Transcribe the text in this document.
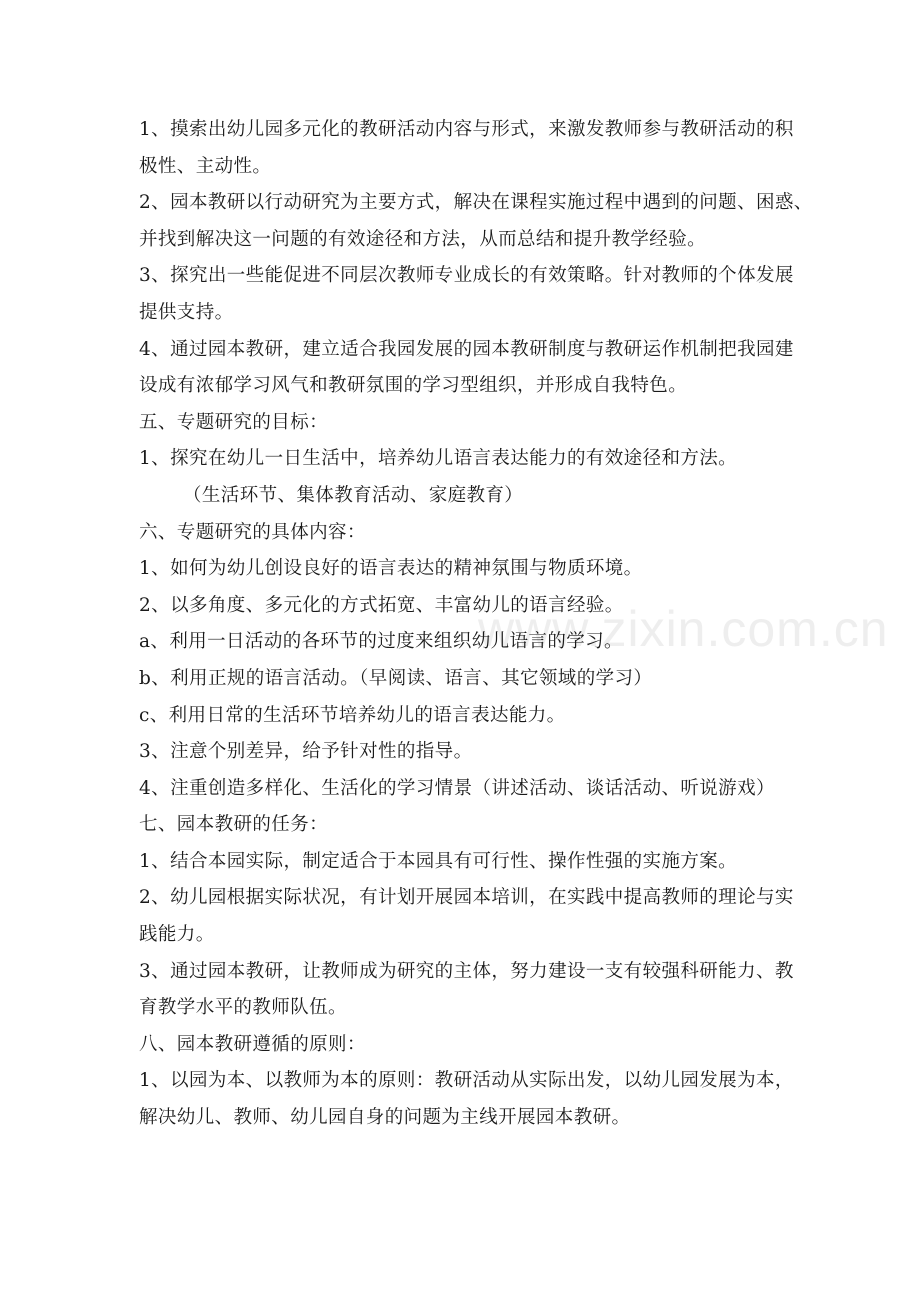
www.zixin.com.cn
1、摸索出幼儿园多元化的教研活动内容与形式，来激发教师参与教研活动的积
极性、主动性。
2、园本教研以行动研究为主要方式，解决在课程实施过程中遇到的问题、困惑、
并找到解决这一问题的有效途径和方法，从而总结和提升教学经验。
3、探究出一些能促进不同层次教师专业成长的有效策略。针对教师的个体发展
提供支持。
4、通过园本教研，建立适合我园发展的园本教研制度与教研运作机制把我园建
设成有浓郁学习风气和教研氛围的学习型组织，并形成自我特色。
五、专题研究的目标：
1、探究在幼儿一日生活中，培养幼儿语言表达能力的有效途径和方法。
（生活环节、集体教育活动、家庭教育）
六、专题研究的具体内容：
1、如何为幼儿创设良好的语言表达的精神氛围与物质环境。
2、以多角度、多元化的方式拓宽、丰富幼儿的语言经验。
a、利用一日活动的各环节的过度来组织幼儿语言的学习。
b、利用正规的语言活动。（早阅读、语言、其它领域的学习）
c、利用日常的生活环节培养幼儿的语言表达能力。
3、注意个别差异，给予针对性的指导。
4、注重创造多样化、生活化的学习情景（讲述活动、谈话活动、听说游戏）
七、园本教研的任务：
1、结合本园实际，制定适合于本园具有可行性、操作性强的实施方案。
2、幼儿园根据实际状况，有计划开展园本培训，在实践中提高教师的理论与实
践能力。
3、通过园本教研，让教师成为研究的主体，努力建设一支有较强科研能力、教
育教学水平的教师队伍。
八、园本教研遵循的原则：
1、以园为本、以教师为本的原则：教研活动从实际出发，以幼儿园发展为本，
解决幼儿、教师、幼儿园自身的问题为主线开展园本教研。
